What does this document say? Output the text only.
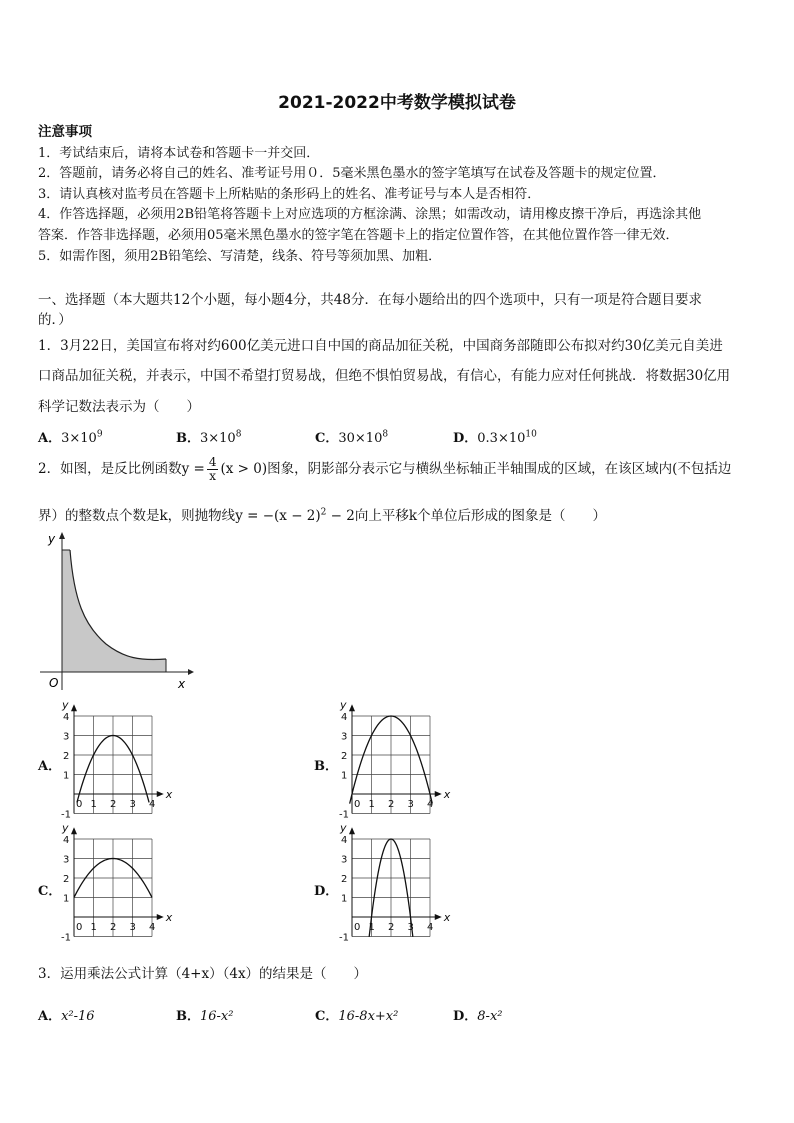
2021-2022中考数学模拟试卷
注意事项
1．考试结束后，请将本试卷和答题卡一并交回．
2．答题前，请务必将自己的姓名、准考证号用０．5毫米黑色墨水的签字笔填写在试卷及答题卡的规定位置．
3．请认真核对监考员在答题卡上所粘贴的条形码上的姓名、准考证号与本人是否相符．
4．作答选择题，必须用2B铅笔将答题卡上对应选项的方框涂满、涂黑；如需改动，请用橡皮擦干净后，再选涂其他
答案．作答非选择题，必须用05毫米黑色墨水的签字笔在答题卡上的指定位置作答，在其他位置作答一律无效．
5．如需作图，须用2B铅笔绘、写清楚，线条、符号等须加黑、加粗．
一、选择题（本大题共12个小题，每小题4分，共48分．在每小题给出的四个选项中，只有一项是符合题目要求
的．）
1．3月22日，美国宣布将对约600亿美元进口自中国的商品加征关税，中国商务部随即公布拟对约30亿美元自美进
口商品加征关税，并表示，中国不希望打贸易战，但绝不惧怕贸易战，有信心，有能力应对任何挑战．将数据30亿用
科学记数法表示为（　　）
A．$3\times 10^9$	B．$3\times 10^8$	C．$30\times 10^8$	D．$0.3\times 10^{10}$
2．如图，是反比例函数$y = \frac{4}{x} (x > 0)$图象，阴影部分表示它与横纵坐标轴正半轴围成的区域，在该区域内(不包括边
界）的整数点个数是k，则抛物线$y = -(x - 2)^2 - 2$向上平移k个单位后形成的图象是（　　）
y
x
O
A．	B．
C．	D．
4
3
2
1
0
-1
1 2 3 4
y
x
4
3
2
1
0
-1
1 2 3 4
y
x
4
3
2
1
0
-1
1 2 3 4
y
x
4
3
2
1
0
-1
1 2 3 4
y
x
3．运用乘法公式计算（4+x）（4x）的结果是（　　）
A．x²-16	B．16-x²	C．16-8x+x²	D．8-x²
